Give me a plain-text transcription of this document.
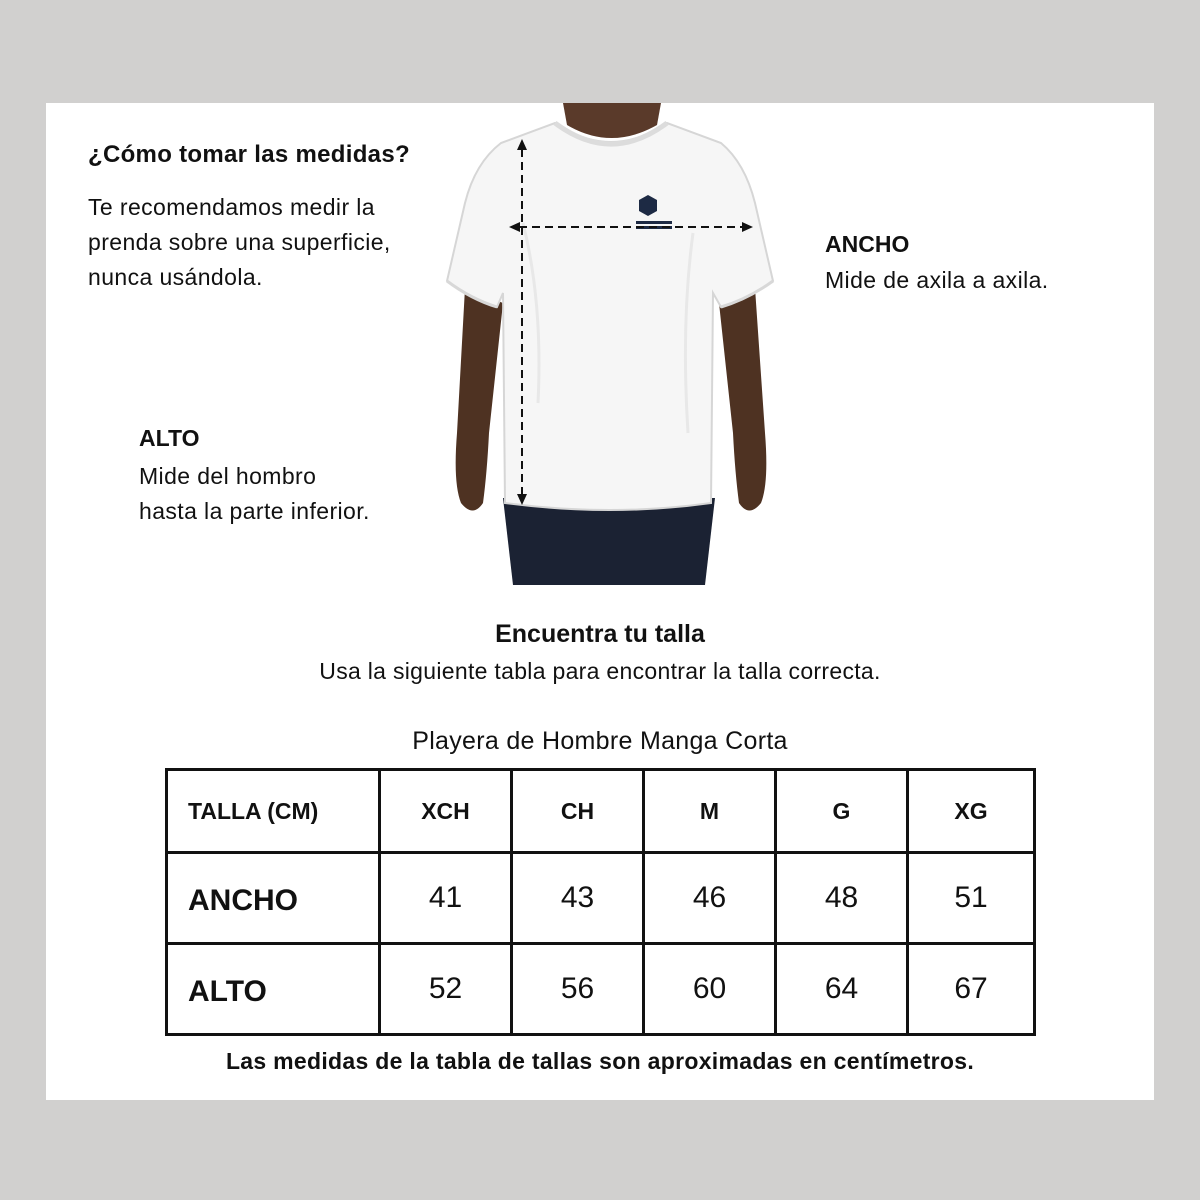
¿Cómo tomar las medidas?
Te recomendamos medir la
prenda sobre una superficie,
nunca usándola.
ANCHO
Mide de axila a axila.
ALTO
Mide del hombro
hasta la parte inferior.
Encuentra tu talla
Usa la siguiente tabla para encontrar la talla correcta.
Playera de Hombre Manga Corta
TALLA (CM)	XCH	CH	M	G	XG
ANCHO	41	43	46	48	51
ALTO	52	56	60	64	67
Las medidas de la tabla de tallas son aproximadas en centímetros.
